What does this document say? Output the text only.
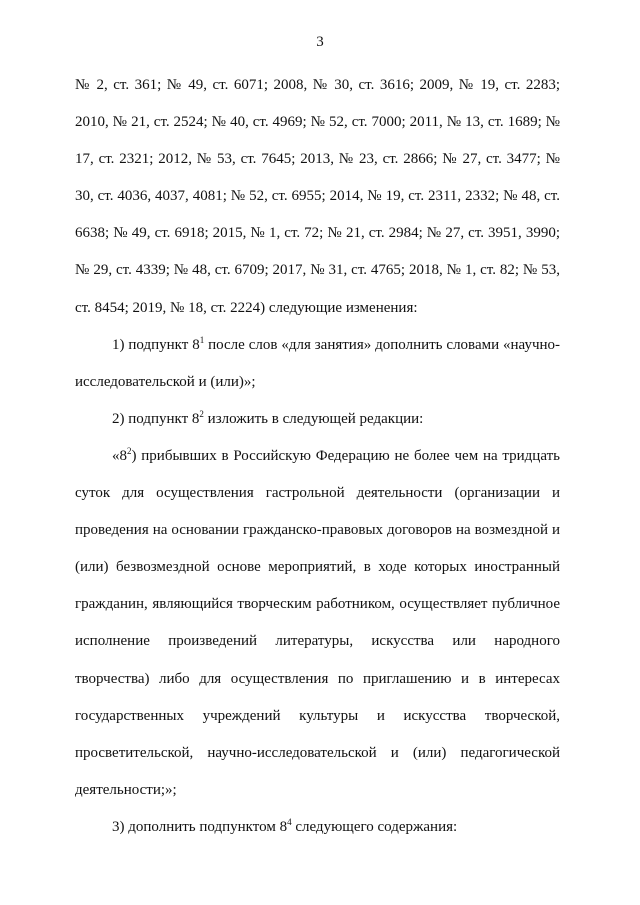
3

№ 2, ст. 361; № 49, ст. 6071; 2008, № 30, ст. 3616; 2009, № 19, ст. 2283; 2010, № 21, ст. 2524; № 40, ст. 4969; № 52, ст. 7000; 2011, № 13, ст. 1689; № 17, ст. 2321; 2012, № 53, ст. 7645; 2013, № 23, ст. 2866; № 27, ст. 3477; № 30, ст. 4036, 4037, 4081; № 52, ст. 6955; 2014, № 19, ст. 2311, 2332; № 48, ст. 6638; № 49, ст. 6918; 2015, № 1, ст. 72; № 21, ст. 2984; № 27, ст. 3951, 3990; № 29, ст. 4339; № 48, ст. 6709; 2017, № 31, ст. 4765; 2018, № 1, ст. 82; № 53, ст. 8454; 2019, № 18, ст. 2224) следующие изменения:

1) подпункт $8^1$ после слов «для занятия» дополнить словами «научно-исследовательской и (или)»;

2) подпункт $8^2$ изложить в следующей редакции:

«$8^2$) прибывших в Российскую Федерацию не более чем на тридцать суток для осуществления гастрольной деятельности (организации и проведения на основании гражданско-правовых договоров на возмездной и (или) безвозмездной основе мероприятий, в ходе которых иностранный гражданин, являющийся творческим работником, осуществляет публичное исполнение произведений литературы, искусства или народного творчества) либо для осуществления по приглашению и в интересах государственных учреждений культуры и искусства творческой, просветительской, научно-исследовательской и (или) педагогической деятельности;»;

3) дополнить подпунктом $8^4$ следующего содержания:
